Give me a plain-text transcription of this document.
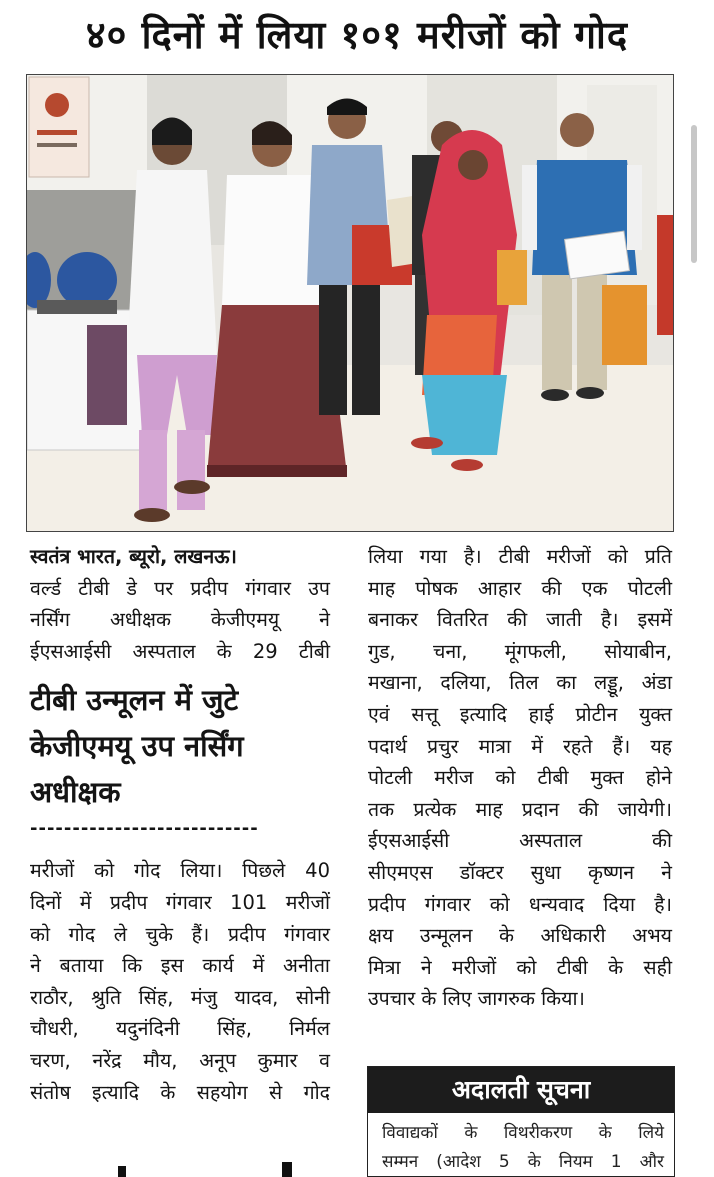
४० दिनों में लिया १०१ मरीजों को गोद
स्वतंत्र भारत, ब्यूरो, लखनऊ।
वर्ल्ड टीबी डे पर प्रदीप गंगवार उप
नर्सिंग अधीक्षक केजीएमयू ने
ईएसआईसी अस्पताल के 29 टीबी
टीबी उन्मूलन में जुटे
केजीएमयू उप नर्सिंग
अधीक्षक
---------------------------
मरीजों को गोद लिया। पिछले 40
दिनों में प्रदीप गंगवार 101 मरीजों
को गोद ले चुके हैं। प्रदीप गंगवार
ने बताया कि इस कार्य में अनीता
राठौर, श्रुति सिंह, मंजु यादव, सोनी
चौधरी, यदुनंदिनी सिंह, निर्मल
चरण, नरेंद्र मौय, अनूप कुमार व
संतोष इत्यादि के सहयोग से गोद
लिया गया है। टीबी मरीजों को प्रति
माह पोषक आहार की एक पोटली
बनाकर वितरित की जाती है। इसमें
गुड, चना, मूंगफली, सोयाबीन,
मखाना, दलिया, तिल का लड्डू, अंडा
एवं सत्तू इत्यादि हाई प्रोटीन युक्त
पदार्थ प्रचुर मात्रा में रहते हैं। यह
पोटली मरीज को टीबी मुक्त होने
तक प्रत्येक माह प्रदान की जायेगी।
ईएसआईसी अस्पताल की
सीएमएस डॉक्टर सुधा कृष्णन ने
प्रदीप गंगवार को धन्यवाद दिया है।
क्षय उन्मूलन के अधिकारी अभय
मित्रा ने मरीजों को टीबी के सही
उपचार के लिए जागरुक किया।
अदालती सूचना
विवाद्यकों के विथरीकरण के लिये
सम्मन (आदेश 5 के नियम 1 और
